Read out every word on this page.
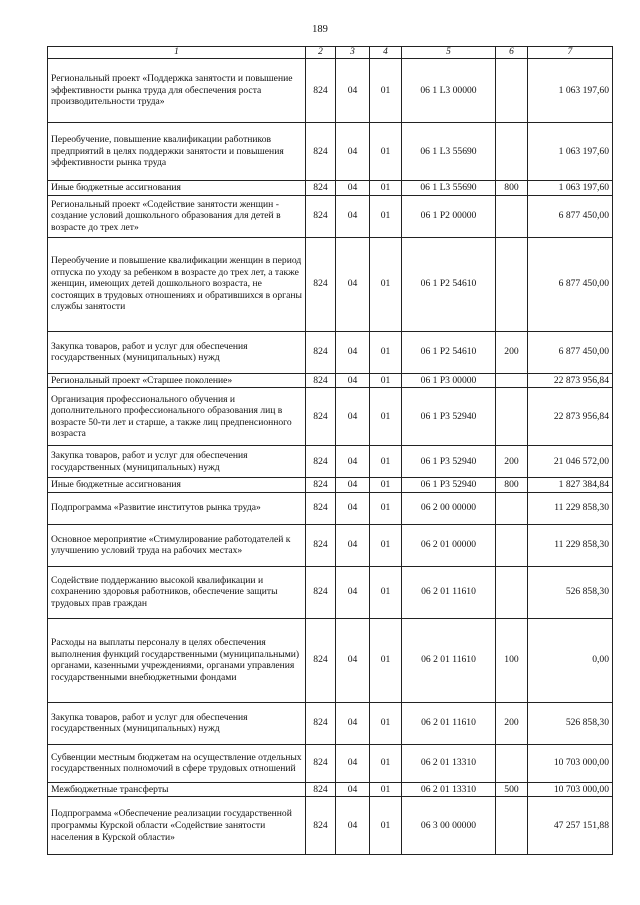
189
1	2	3	4	5	6	7
Региональный проект «Поддержка занятости и повышение эффективности рынка труда для обеспечения роста производительности труда»	824	04	01	06 1 L3 00000		1 063 197,60
Переобучение, повышение квалификации работников предприятий в целях поддержки занятости и повышения эффективности рынка труда	824	04	01	06 1 L3 55690		1 063 197,60
Иные бюджетные ассигнования	824	04	01	06 1 L3 55690	800	1 063 197,60
Региональный проект «Содействие занятости женщин - создание условий дошкольного образования для детей в возрасте до трех лет»	824	04	01	06 1 P2 00000		6 877 450,00
Переобучение и повышение квалификации женщин в период отпуска по уходу за ребенком в возрасте до трех лет, а также женщин, имеющих детей дошкольного возраста, не состоящих в трудовых отношениях и обратившихся в органы службы занятости	824	04	01	06 1 P2 54610		6 877 450,00
Закупка товаров, работ и услуг для обеспечения государственных (муниципальных) нужд	824	04	01	06 1 P2 54610	200	6 877 450,00
Региональный проект «Старшее поколение»	824	04	01	06 1 P3 00000		22 873 956,84
Организация профессионального обучения и дополнительного профессионального образования лиц в возрасте 50-ти лет и старше, а также лиц предпенсионного возраста	824	04	01	06 1 P3 52940		22 873 956,84
Закупка товаров, работ и услуг для обеспечения государственных (муниципальных) нужд	824	04	01	06 1 P3 52940	200	21 046 572,00
Иные бюджетные ассигнования	824	04	01	06 1 P3 52940	800	1 827 384,84
Подпрограмма «Развитие институтов рынка труда»	824	04	01	06 2 00 00000		11 229 858,30
Основное мероприятие «Стимулирование работодателей к улучшению условий труда на рабочих местах»	824	04	01	06 2 01 00000		11 229 858,30
Содействие поддержанию высокой квалификации и сохранению здоровья работников, обеспечение защиты трудовых прав граждан	824	04	01	06 2 01 11610		526 858,30
Расходы на выплаты персоналу в целях обеспечения выполнения функций государственными (муниципальными) органами, казенными учреждениями, органами управления государственными внебюджетными фондами	824	04	01	06 2 01 11610	100	0,00
Закупка товаров, работ и услуг для обеспечения государственных (муниципальных) нужд	824	04	01	06 2 01 11610	200	526 858,30
Субвенции местным бюджетам на осуществление отдельных государственных полномочий в сфере трудовых отношений	824	04	01	06 2 01 13310		10 703 000,00
Межбюджетные трансферты	824	04	01	06 2 01 13310	500	10 703 000,00
Подпрограмма «Обеспечение реализации государственной программы Курской области «Содействие занятости населения в Курской области»	824	04	01	06 3 00 00000		47 257 151,88
